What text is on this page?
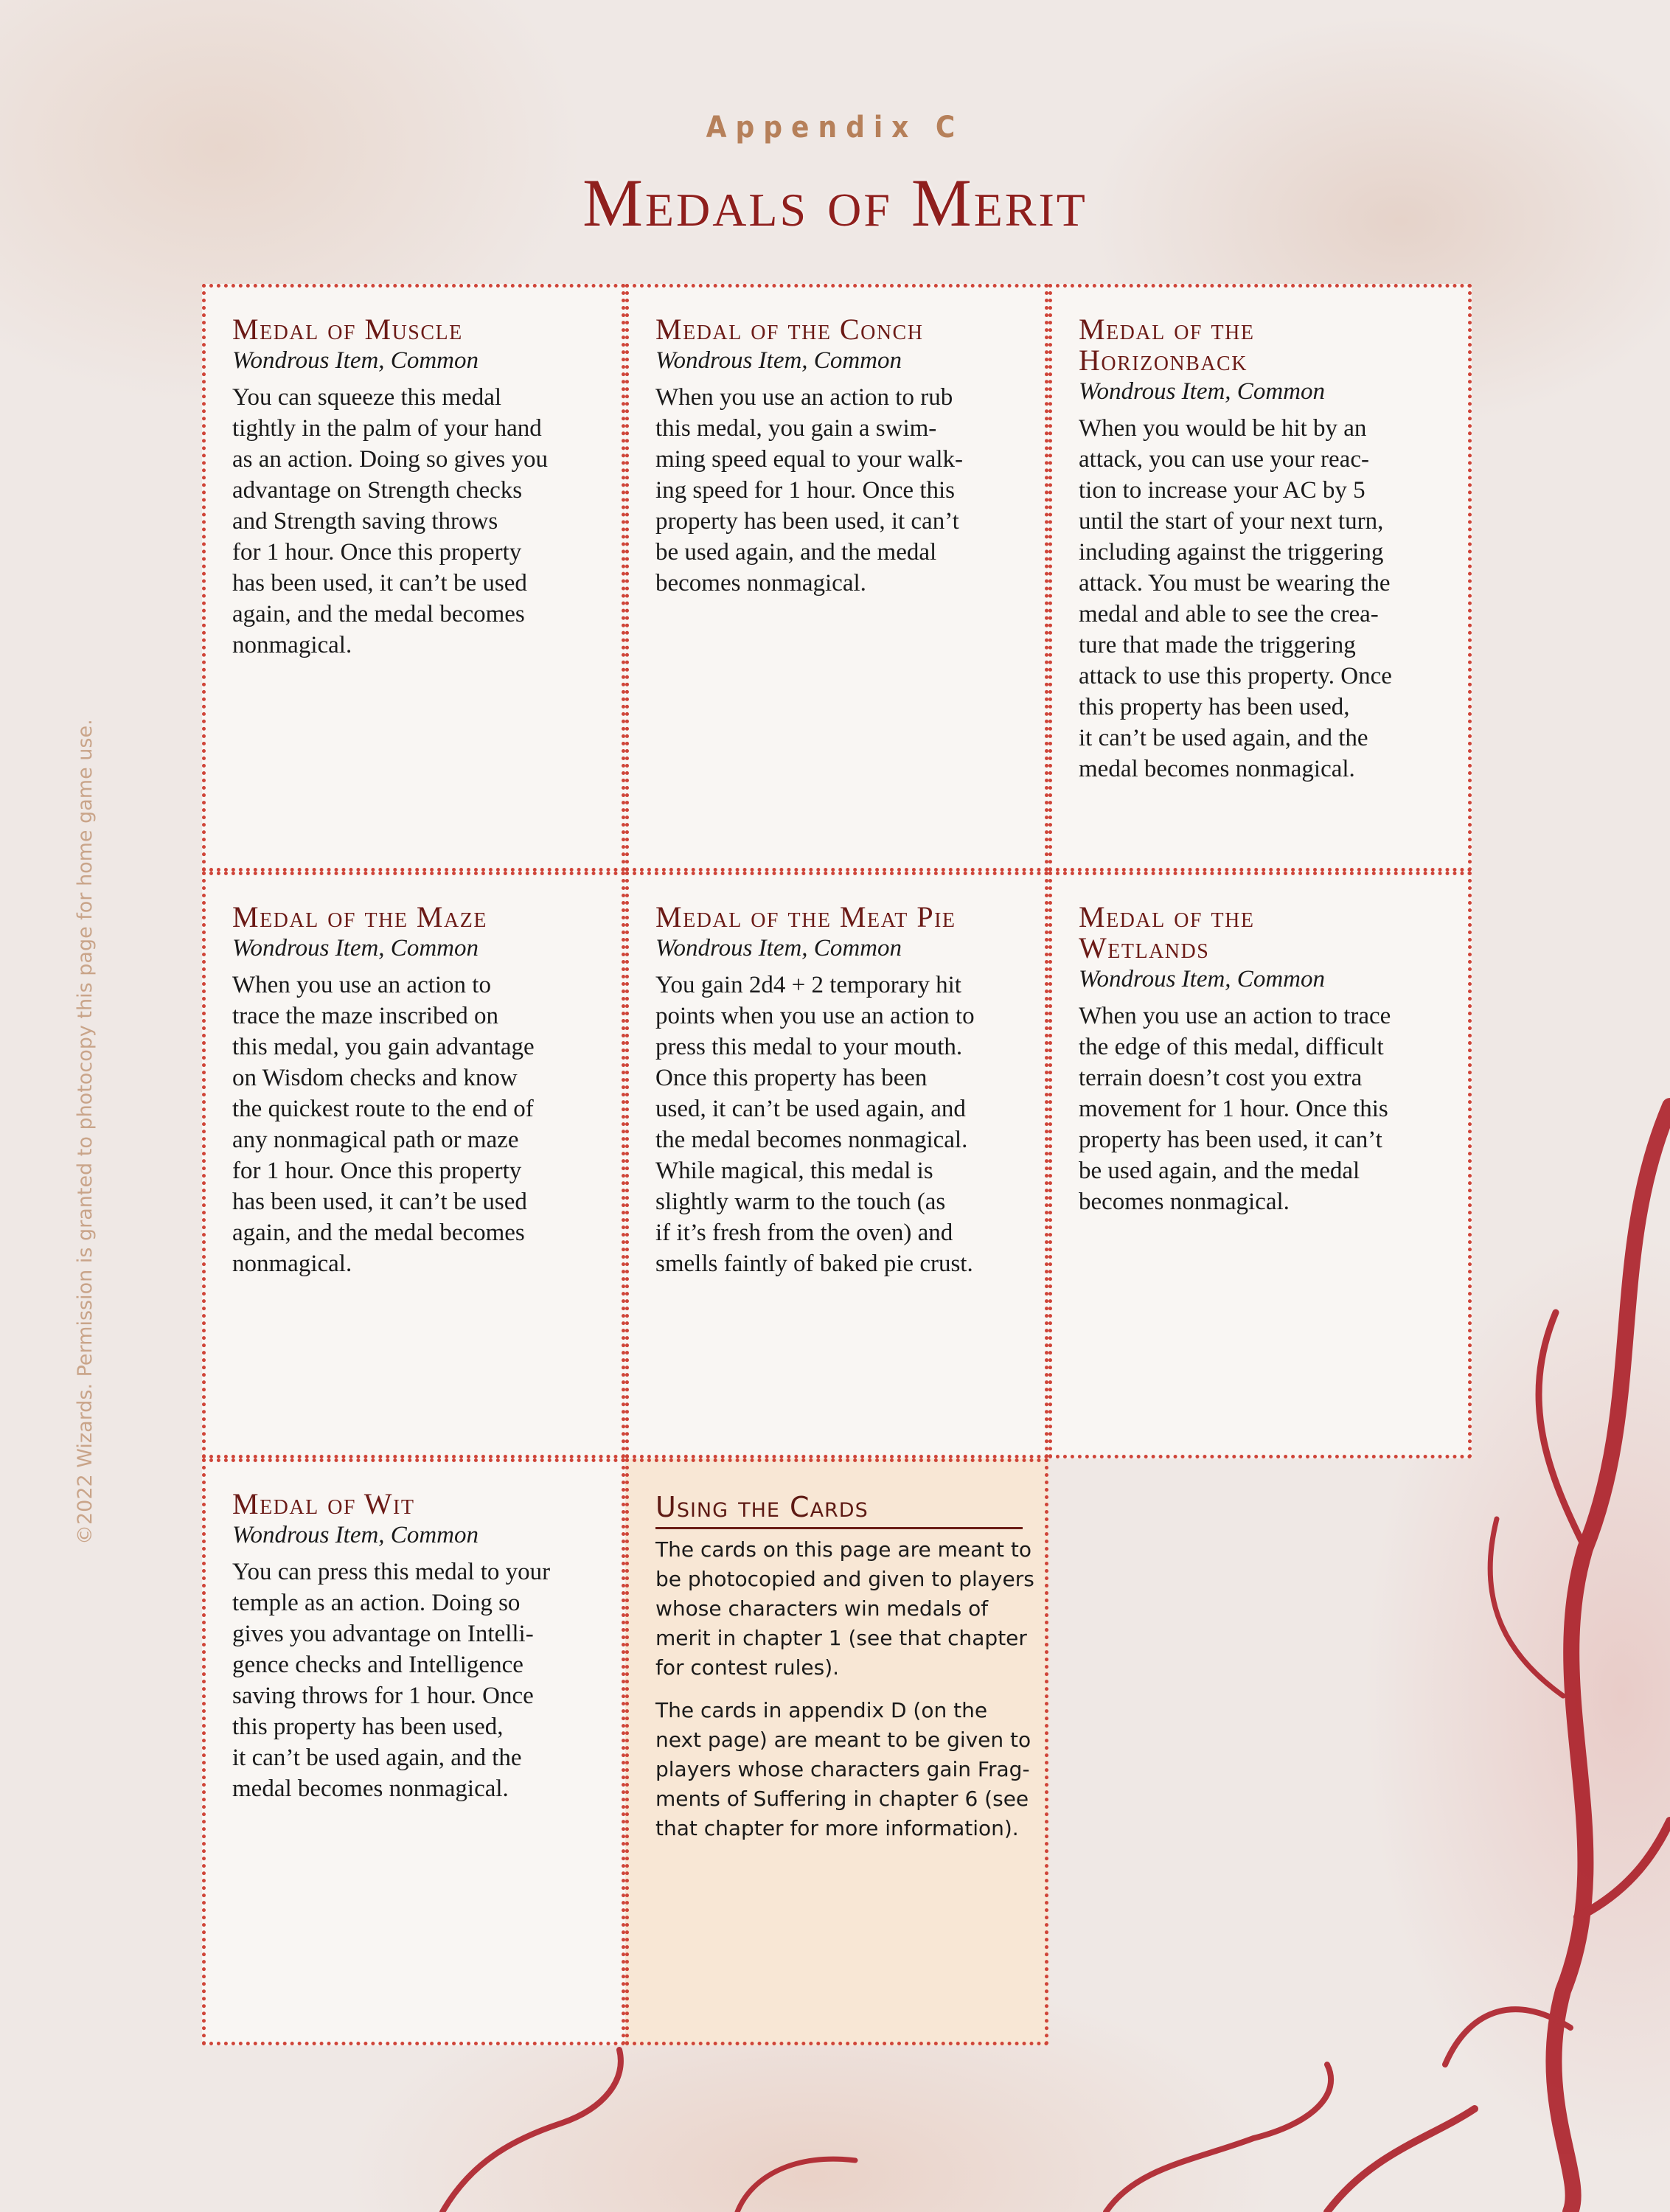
Appendix C
Medals of Merit
©2022 Wizards. Permission is granted to photocopy this page for home game use.
Medal of Muscle
Wondrous Item, Common
You can squeeze this medal
tightly in the palm of your hand
as an action. Doing so gives you
advantage on Strength checks
and Strength saving throws
for 1 hour. Once this property
has been used, it can’t be used
again, and the medal becomes
nonmagical.
Medal of the Conch
Wondrous Item, Common
When you use an action to rub
this medal, you gain a swim-
ming speed equal to your walk-
ing speed for 1 hour. Once this
property has been used, it can’t
be used again, and the medal
becomes nonmagical.
Medal of the
Horizonback
Wondrous Item, Common
When you would be hit by an
attack, you can use your reac-
tion to increase your AC by 5
until the start of your next turn,
including against the triggering
attack. You must be wearing the
medal and able to see the crea-
ture that made the triggering
attack to use this property. Once
this property has been used,
it can’t be used again, and the
medal becomes nonmagical.
Medal of the Maze
Wondrous Item, Common
When you use an action to
trace the maze inscribed on
this medal, you gain advantage
on Wisdom checks and know
the quickest route to the end of
any nonmagical path or maze
for 1 hour. Once this property
has been used, it can’t be used
again, and the medal becomes
nonmagical.
Medal of the Meat Pie
Wondrous Item, Common
You gain 2d4 + 2 temporary hit
points when you use an action to
press this medal to your mouth.
Once this property has been
used, it can’t be used again, and
the medal becomes nonmagical.
While magical, this medal is
slightly warm to the touch (as
if it’s fresh from the oven) and
smells faintly of baked pie crust.
Medal of the
Wetlands
Wondrous Item, Common
When you use an action to trace
the edge of this medal, difficult
terrain doesn’t cost you extra
movement for 1 hour. Once this
property has been used, it can’t
be used again, and the medal
becomes nonmagical.
Medal of Wit
Wondrous Item, Common
You can press this medal to your
temple as an action. Doing so
gives you advantage on Intelli-
gence checks and Intelligence
saving throws for 1 hour. Once
this property has been used,
it can’t be used again, and the
medal becomes nonmagical.
Using the Cards
The cards on this page are meant to
be photocopied and given to players
whose characters win medals of
merit in chapter 1 (see that chapter
for contest rules).
The cards in appendix D (on the
next page) are meant to be given to
players whose characters gain Frag-
ments of Suffering in chapter 6 (see
that chapter for more information).
